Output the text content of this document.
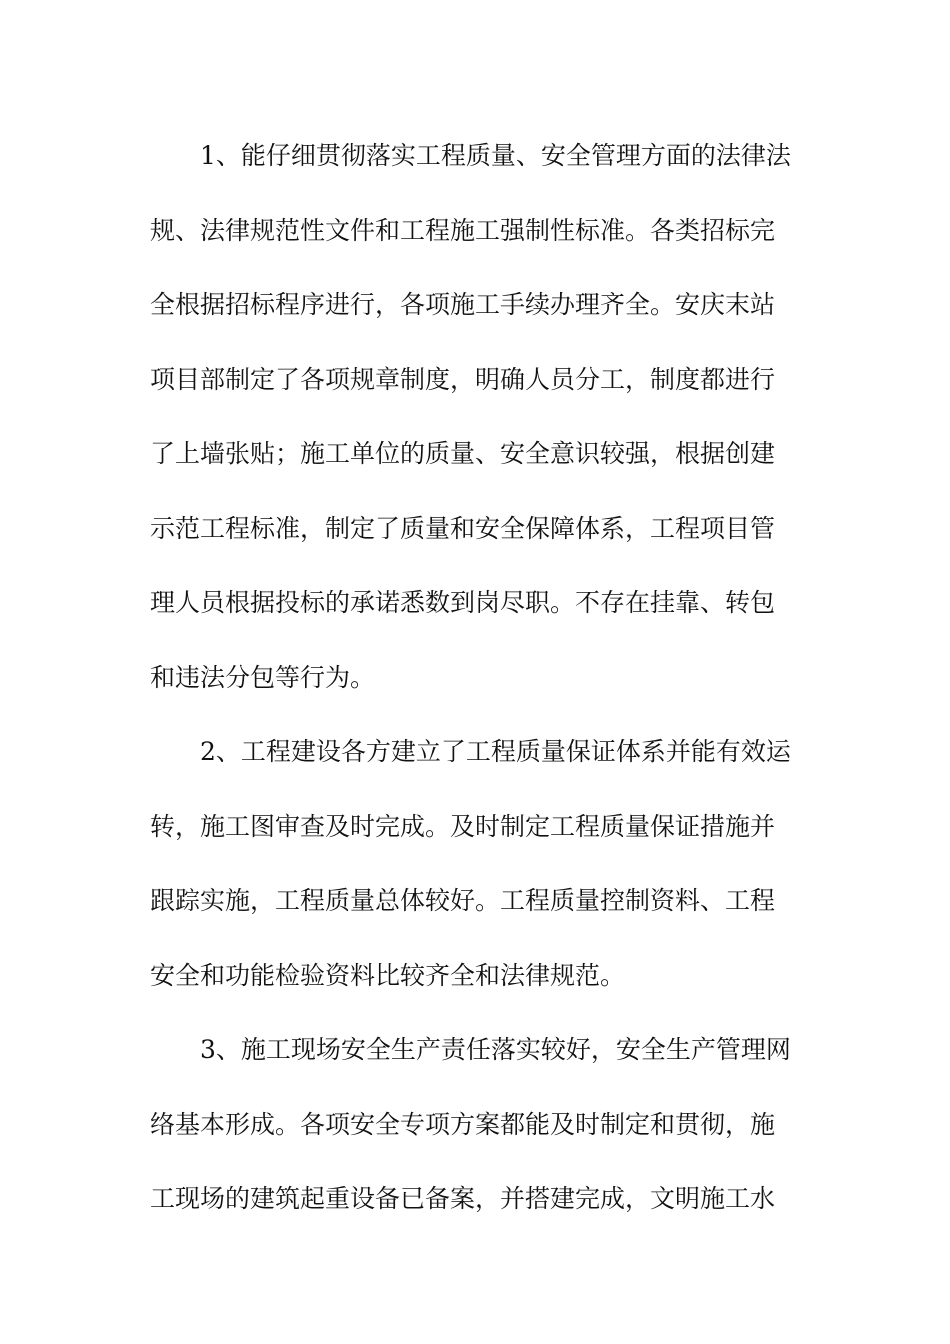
1、能仔细贯彻落实工程质量、安全管理方面的法律法
规、法律规范性文件和工程施工强制性标准。各类招标完
全根据招标程序进行，各项施工手续办理齐全。安庆末站
项目部制定了各项规章制度，明确人员分工，制度都进行
了上墙张贴；施工单位的质量、安全意识较强，根据创建
示范工程标准，制定了质量和安全保障体系，工程项目管
理人员根据投标的承诺悉数到岗尽职。不存在挂靠、转包
和违法分包等行为。
2、工程建设各方建立了工程质量保证体系并能有效运
转，施工图审查及时完成。及时制定工程质量保证措施并
跟踪实施，工程质量总体较好。工程质量控制资料、工程
安全和功能检验资料比较齐全和法律规范。
3、施工现场安全生产责任落实较好，安全生产管理网
络基本形成。各项安全专项方案都能及时制定和贯彻，施
工现场的建筑起重设备已备案，并搭建完成，文明施工水
